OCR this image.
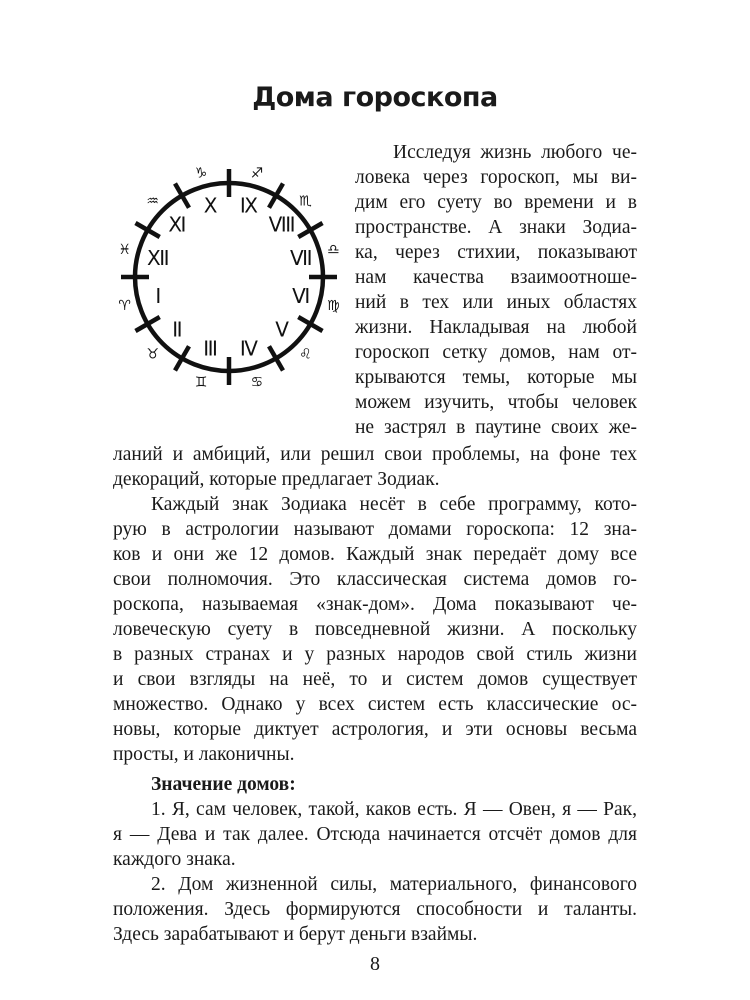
Дома гороскопа
I
II
III IV
V
VI
VII
VIII
IX
X
XI
XII
♈︎
♉︎
♊︎	♋︎
♌︎
♍︎
♎︎
♏︎
♐︎
♑︎
♒︎
♓︎
Исследуя жизнь любого че-
ловека через гороскоп, мы ви-
дим его суету во времени и в
пространстве. А знаки Зодиа-
ка, через стихии, показывают
нам качества взаимоотноше-
ний в тех или иных областях
жизни. Накладывая на любой
гороскоп сетку домов, нам от-
крываются темы, которые мы
можем изучить, чтобы человек
не застрял в паутине своих же-
ланий и амбиций, или решил свои проблемы, на фоне тех
декораций, которые предлагает Зодиак.
Каждый знак Зодиака несёт в себе программу, кото-
рую в астрологии называют домами гороскопа: 12 зна-
ков и они же 12 домов. Каждый знак передаёт дому все
свои полномочия. Это классическая система домов го-
роскопа, называемая «знак-дом». Дома показывают че-
ловеческую суету в повседневной жизни. А поскольку
в разных странах и у разных народов свой стиль жизни
и свои взгляды на неё, то и систем домов существует
множество. Однако у всех систем есть классические ос-
новы, которые диктует астрология, и эти основы весьма
просты, и лаконичны.
Значение домов:
1. Я, сам человек, такой, каков есть. Я — Овен, я — Рак,
я — Дева и так далее. Отсюда начинается отсчёт домов для
каждого знака.
2. Дом жизненной силы, материального, финансового
положения. Здесь формируются способности и таланты.
Здесь зарабатывают и берут деньги взаймы.
8
